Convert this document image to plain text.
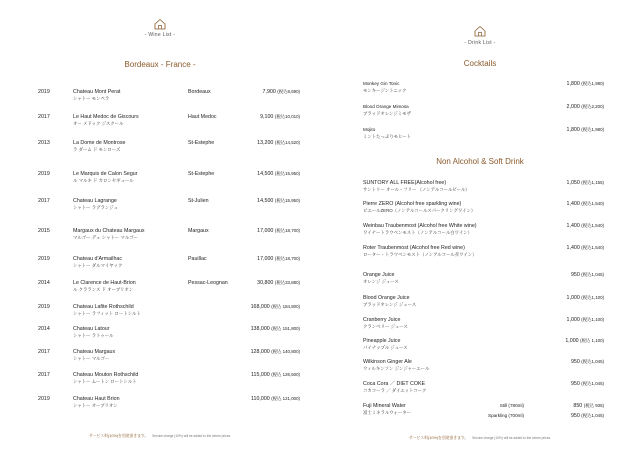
- Wine List -
Bordeaux - France -
2019	Chateau Mont Perat
シャトー モンペラ
Bordeaux	7,900 (税込8,690)
2017	Le Haut Medoc de Giscours
オー メドック ジスクール
Haut Medoc	9,100 (税込10,010)
2013	La Dome de Montrose
ラ ダーム ド モンローズ
St-Estephe	13,200 (税込14,520)
2019	Le Marquis de Calon Segur
ル マルキ ド カロンセギュール
St-Estephe	14,500 (税込15,950)
2017	Chateau Lagrange
シャトー ラグランジュ
St-Julien	14,500 (税込15,950)
2015	Margaux du Chateau Margaux
マルゴー デュ シャトー マルゴー
Margaux	17,000 (税込18,700)
2019	Chateau d'Armailhac
シャトー ダルマイヤック
Pauillac	17,000 (税込18,700)
2014	Le Clarence de Haut-Brion
ル クラランス ド オーブリオン
Pessac-Leognan	30,800 (税込33,880)
2019	Chateau Lafite Rothschild
シャトー ラフィット ロートシルト
168,000 (税込 184,800)
2014	Chateau Latour
シャトー ラトゥール
138,000 (税込 151,800)
2017	Chateau Margaux
シャトー マルゴー
128,000 (税込 140,800)
2017	Chateau Mouton Rothschild
シャトー ムートン ロートシルト
115,000 (税込 126,500)
2019	Chateau Haut Brion
シャトー オーブリオン
110,000 (税込 121,000)
サービス料(10%)を別途頂きます。 Service charge (10%) will be added to the above prices.
- Drink List -
Cocktails
Monkey Gin Tonic
モンキージントニック
1,800 (税込1,980)
Blood Orange Mimosa
ブラッドオレンジミモザ
2,000 (税込2,200)
Mojito
ミントたっぷりモヒート
1,800 (税込1,980)
Non Alcohol & Soft Drink
SUNTORY ALL FREE(Alcohol free)
サントリー オール・フリー （ノンアルコールビール）
1,050 (税込1,155)
Pierre ZERO (Alcohol free sparkling wine)
ピエールZERO（ノンアルコールスパークリングワイン）
1,400 (税込1,540)
Weinbau Traubenmost (Alcohol free White wine)
ワイナートラウベンモスト（ノンアルコール白ワイン）
1,400 (税込1,540)
Roter Traubenmost (Alcohol free Red wine)
ローター・トラウベンモスト（ノンアルコール赤ワイン）
1,400 (税込1,540)
Orange Juice
オレンジ ジュース
950 (税込1,045)
Blood Orange Juice
ブラッドオレンジ ジュース
1,000 (税込1,100)
Cranberry Juice
クランベリー ジュース
1,000 (税込1,100)
Pineapple Juice
パイナップル ジュース
1,000 (税込 1,100)
Wilkinson Ginger Ale
ウィルキンソン ジンジャーエール
950 (税込1,045)
Coca Cora ／ DIET COKE
コカコーラ ／ ダイエットコーク
950 (税込1,045)
Fuji Mineral Water
富士ミネラルウォーター
Still (780ml)	850 (税込 935)
Sparkling (700ml)	950 (税込1,045)
サービス料(10%)を別途頂きます。 Service charge (10%) will be added to the above prices.
